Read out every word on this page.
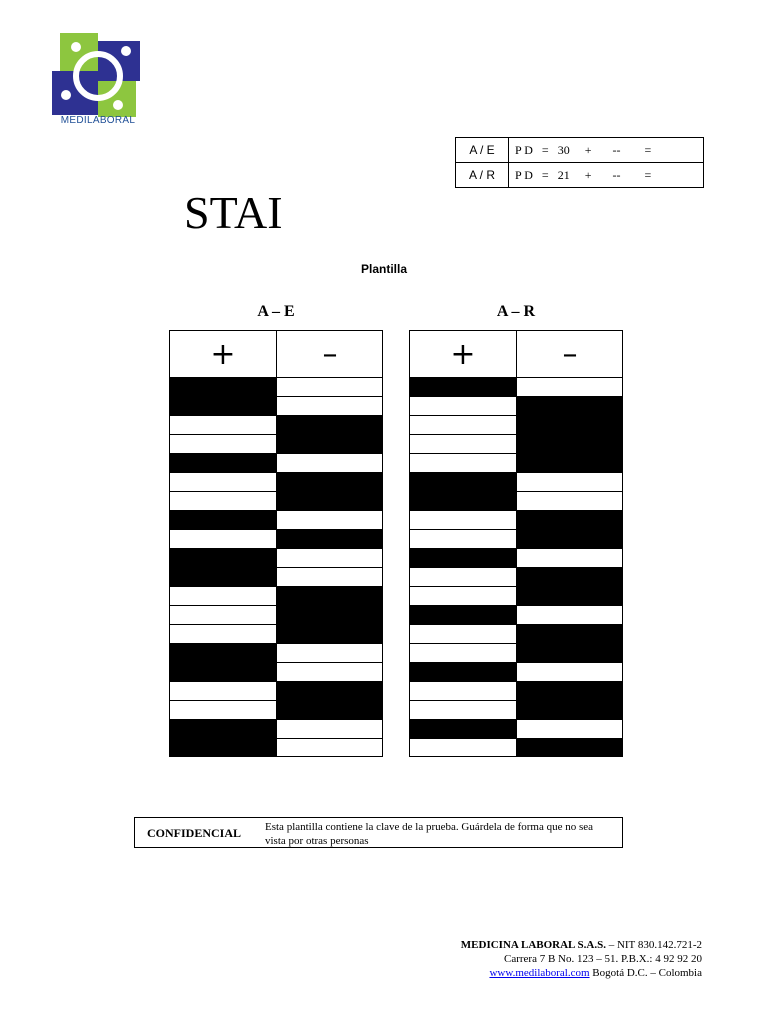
MEDILABORAL
A / E	P D = 30 + -- =
A / R	P D = 21 + -- =
STAI

Plantilla

A – E
+	–
A – R
+	–
CONFIDENCIAL Esta plantilla contiene la clave de la prueba. Guárdela de forma que no sea vista por otras personas
MEDICINA LABORAL S.A.S. – NIT 830.142.721-2
Carrera 7 B No. 123 – 51. P.B.X.: 4 92 92 20
www.medilaboral.com Bogotá D.C. – Colombia
